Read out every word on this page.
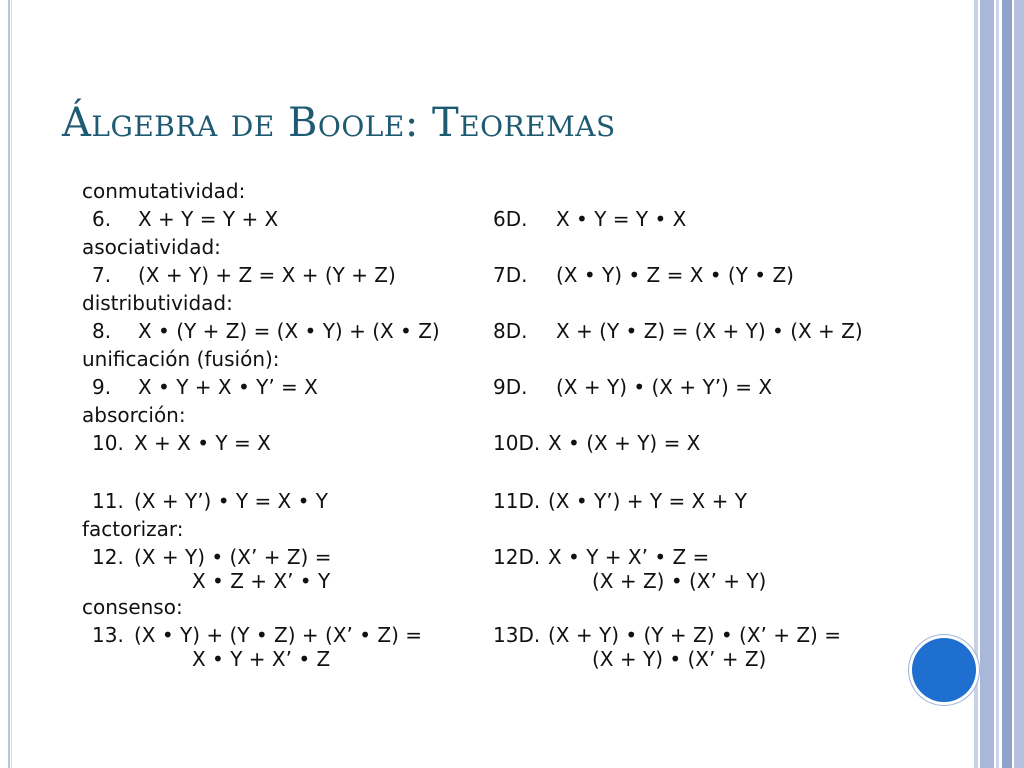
Álgebra de Boole: Teoremas
conmutatividad:
6. X + Y = Y + X	6D. X • Y = Y • X
asociatividad:
7. (X + Y) + Z = X + (Y + Z)	7D. (X • Y) • Z = X • (Y • Z)
distributividad:
8. X • (Y + Z) = (X • Y) + (X • Z)	8D. X + (Y • Z) = (X + Y) • (X + Z)
unificación (fusión):
9. X • Y + X • Y’ = X	9D. (X + Y) • (X + Y’) = X
absorción:
10. X + X • Y = X	10D. X • (X + Y) = X
11. (X + Y’) • Y = X • Y	11D. (X • Y’) + Y = X + Y
factorizar:
12. (X + Y) • (X’ + Z) =
X • Z + X’ • Y
12D. X • Y + X’ • Z =
(X + Z) • (X’ + Y)
consenso:
13. (X • Y) + (Y • Z) + (X’ • Z) =
X • Y + X’ • Z
13D. (X + Y) • (Y + Z) • (X’ + Z) =
(X + Y) • (X’ + Z)
